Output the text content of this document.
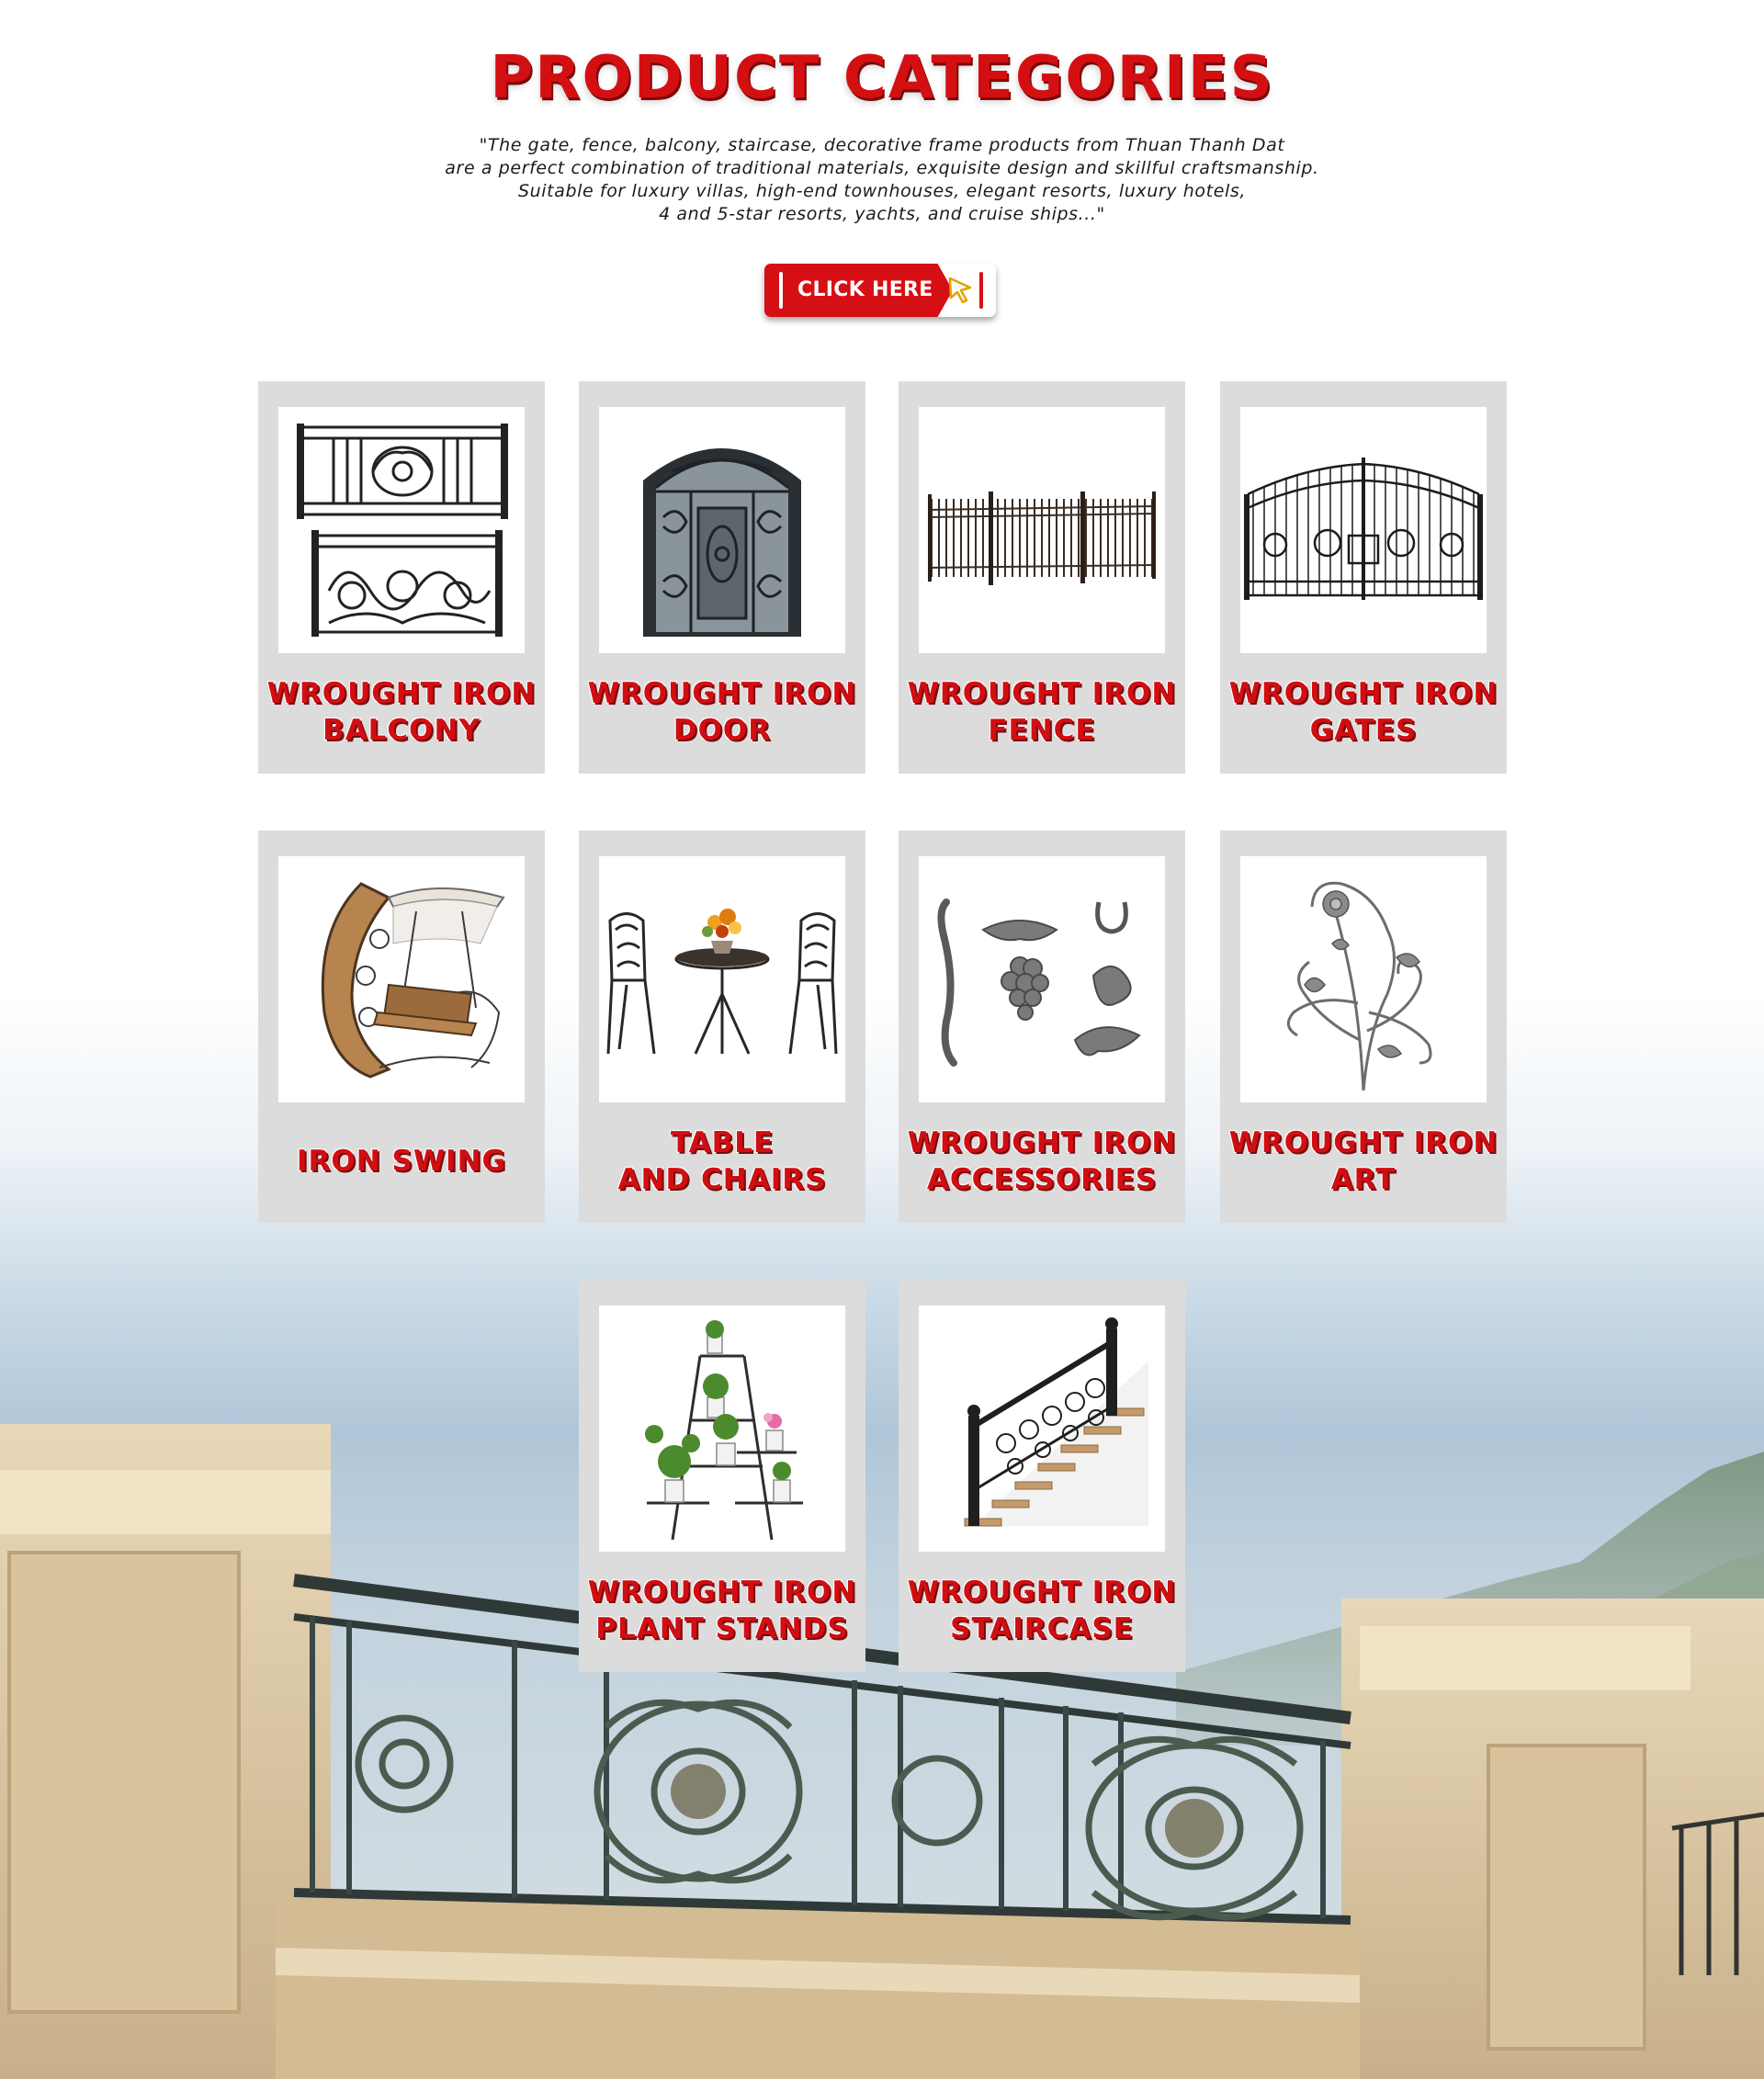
PRODUCT CATEGORIES
"The gate, fence, balcony, staircase, decorative frame products from Thuan Thanh Dat
are a perfect combination of traditional materials, exquisite design and skillful craftsmanship.
Suitable for luxury villas, high-end townhouses, elegant resorts, luxury hotels,
4 and 5-star resorts, yachts, and cruise ships..."
CLICK HERE
WROUGHT IRON
BALCONY
WROUGHT IRON
DOOR
WROUGHT IRON
FENCE
WROUGHT IRON
GATES
IRON SWING
TABLE
AND CHAIRS
WROUGHT IRON
ACCESSORIES
WROUGHT IRON
ART
WROUGHT IRON
PLANT STANDS
WROUGHT IRON
STAIRCASE
